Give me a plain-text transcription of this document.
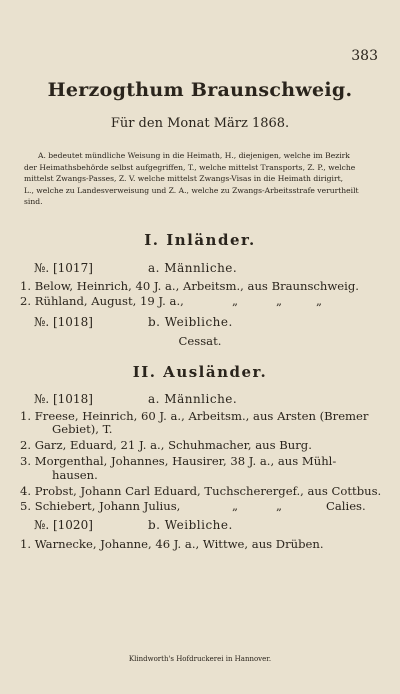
383
Herzogthum Braunschweig.
Für den Monat März 1868.
A. bedeutet mündliche Weisung in die Heimath, H., diejenigen, welche im Bezirk
der Heimathsbehörde selbst aufgegriffen, T., welche mittelst Transports, Z. P., welche
mittelst Zwangs-Passes, Z. V. welche mittelst Zwangs-Visas in die Heimath dirigirt,
L., welche zu Landesverweisung und Z. A., welche zu Zwangs-Arbeitsstrafe verurtheilt
sind.
I. Inländer.
№. [1017]	a. Männliche.
1. Below, Heinrich, 40 J. a., Arbeitsm., aus Braunschweig.
2. Rühland, August, 19 J. a.,	„	„	„
№. [1018]	b. Weibliche.
Cessat.
II. Ausländer.
№. [1018]	a. Männliche.
1. Freese, Heinrich, 60 J. a., Arbeitsm., aus Arsten (Bremer
Gebiet), T.
2. Garz, Eduard, 21 J. a., Schuhmacher, aus Burg.
3. Morgenthal, Johannes, Hausirer, 38 J. a., aus Mühl-
hausen.
4. Probst, Johann Carl Eduard, Tuchscherergef., aus Cottbus.
5. Schiebert, Johann Julius,	„	„	Calies.
№. [1020]	b. Weibliche.
1. Warnecke, Johanne, 46 J. a., Wittwe, aus Drüben.
Klindworth's Hofdruckerei in Hannover.
